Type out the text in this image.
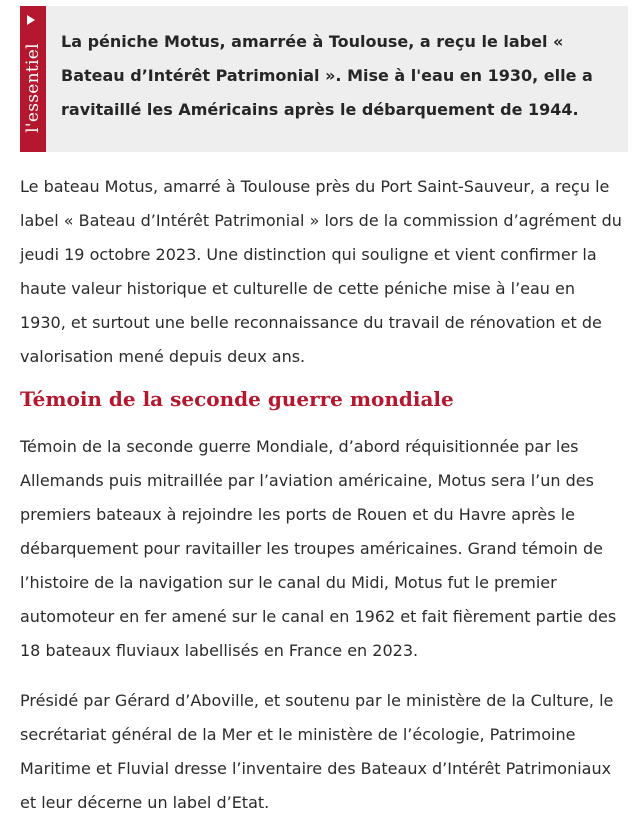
l'essentiel

La péniche Motus, amarrée à Toulouse, a reçu le label « Bateau d’Intérêt Patrimonial ». Mise à l'eau en 1930, elle a ravitaillé les Américains après le débarquement de 1944.

Le bateau Motus, amarré à Toulouse près du Port Saint-Sauveur, a reçu le label « Bateau d’Intérêt Patrimonial » lors de la commission d’agrément du jeudi 19 octobre 2023. Une distinction qui souligne et vient confirmer la haute valeur historique et culturelle de cette péniche mise à l’eau en 1930, et surtout une belle reconnaissance du travail de rénovation et de valorisation mené depuis deux ans.

Témoin de la seconde guerre mondiale

Témoin de la seconde guerre Mondiale, d’abord réquisitionnée par les Allemands puis mitraillée par l’aviation américaine, Motus sera l’un des premiers bateaux à rejoindre les ports de Rouen et du Havre après le débarquement pour ravitailler les troupes américaines. Grand témoin de l’histoire de la navigation sur le canal du Midi, Motus fut le premier automoteur en fer amené sur le canal en 1962 et fait fièrement partie des 18 bateaux fluviaux labellisés en France en 2023.

Présidé par Gérard d’Aboville, et soutenu par le ministère de la Culture, le secrétariat général de la Mer et le ministère de l’écologie, Patrimoine Maritime et Fluvial dresse l’inventaire des Bateaux d’Intérêt Patrimoniaux et leur décerne un label d’Etat.
